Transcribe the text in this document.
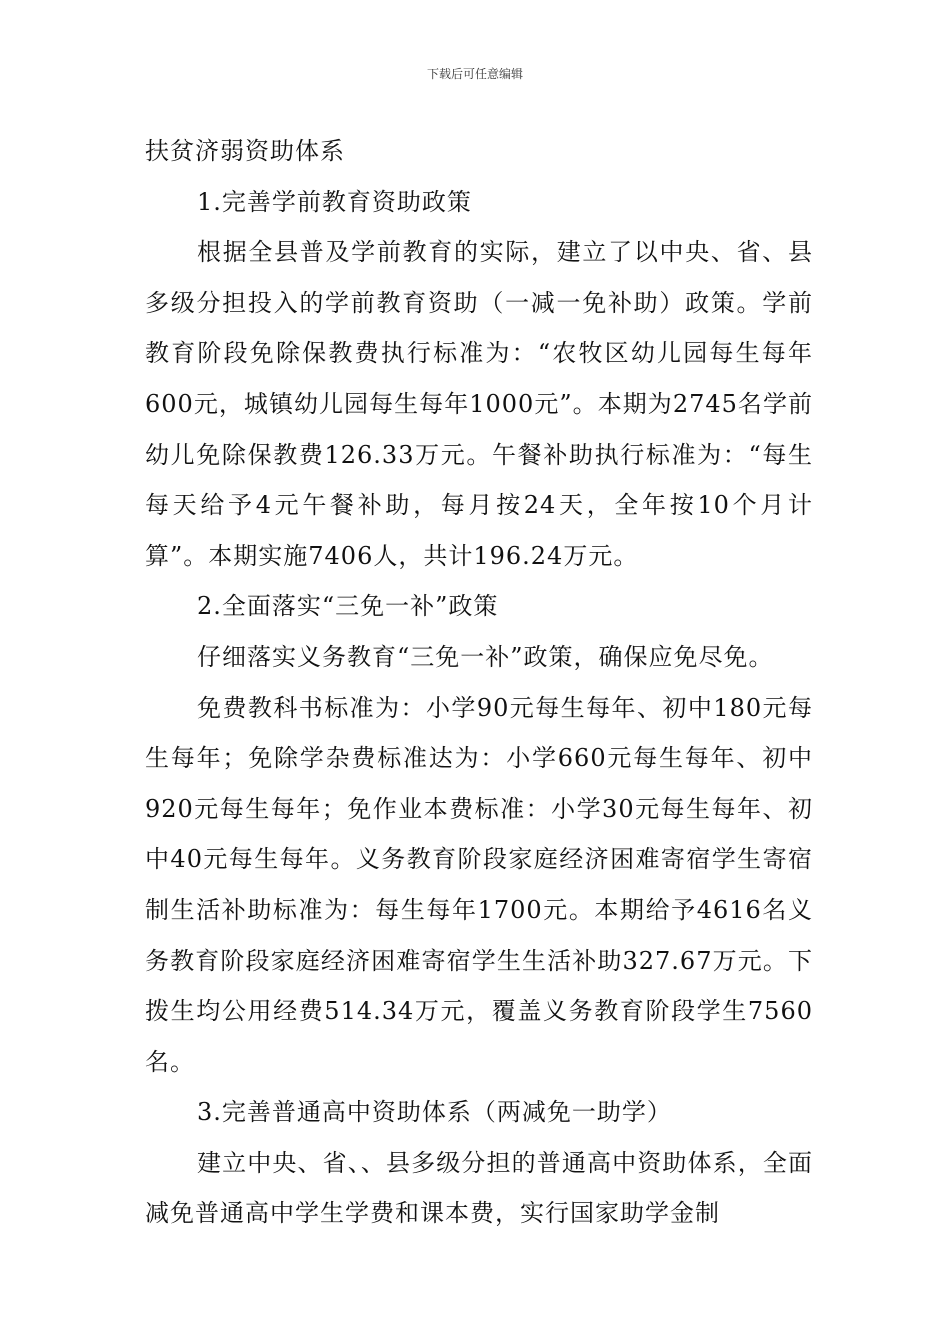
下载后可任意编辑

扶贫济弱资助体系

1.完善学前教育资助政策

根据全县普及学前教育的实际，建立了以中央、省、县多级分担投入的学前教育资助（一减一免补助）政策。学前教育阶段免除保教费执行标准为：“农牧区幼儿园每生每年600元，城镇幼儿园每生每年1000元”。本期为2745名学前幼儿免除保教费126.33万元。午餐补助执行标准为：“每生每天给予4元午餐补助，每月按24天，全年按10个月计算”。本期实施7406人，共计196.24万元。

2.全面落实“三免一补”政策

仔细落实义务教育“三免一补”政策，确保应免尽免。

免费教科书标准为：小学90元每生每年、初中180元每生每年；免除学杂费标准达为：小学660元每生每年、初中920元每生每年；免作业本费标准：小学30元每生每年、初中40元每生每年。义务教育阶段家庭经济困难寄宿学生寄宿制生活补助标准为：每生每年1700元。本期给予4616名义务教育阶段家庭经济困难寄宿学生生活补助327.67万元。下拨生均公用经费514.34万元，覆盖义务教育阶段学生7560名。

3.完善普通高中资助体系（两减免一助学）

建立中央、省、、县多级分担的普通高中资助体系，全面减免普通高中学生学费和课本费，实行国家助学金制
